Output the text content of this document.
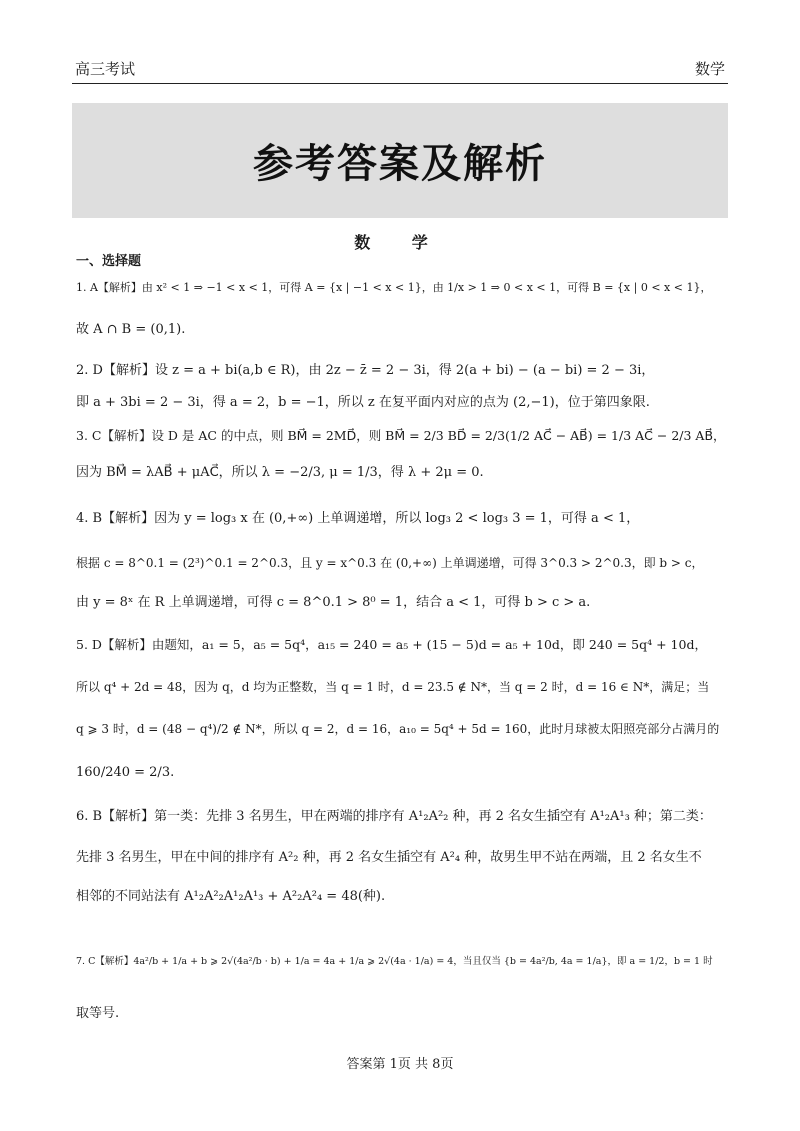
高三考试	数学
参考答案及解析
数 学
一、选择题
1. A【解析】由 x² < 1 ⇒ −1 < x < 1，可得 A = {x | −1 < x < 1}，由 1/x > 1 ⇒ 0 < x < 1，可得 B = {x | 0 < x < 1}，
故 A ∩ B = (0,1).
2. D【解析】设 z = a + bi(a,b ∈ R)，由 2z − z̄ = 2 − 3i，得 2(a + bi) − (a − bi) = 2 − 3i，
即 a + 3bi = 2 − 3i，得 a = 2，b = −1，所以 z 在复平面内对应的点为 (2,−1)，位于第四象限.
3. C【解析】设 D 是 AC 的中点，则 BM⃗ = 2MD⃗，则 BM⃗ = 2/3 BD⃗ = 2/3(1/2 AC⃗ − AB⃗) = 1/3 AC⃗ − 2/3 AB⃗，
因为 BM⃗ = λAB⃗ + μAC⃗，所以 λ = −2/3, μ = 1/3，得 λ + 2μ = 0.
4. B【解析】因为 y = log₃ x 在 (0,+∞) 上单调递增，所以 log₃ 2 < log₃ 3 = 1，可得 a < 1，
根据 c = 8^0.1 = (2³)^0.1 = 2^0.3，且 y = x^0.3 在 (0,+∞) 上单调递增，可得 3^0.3 > 2^0.3，即 b > c，
由 y = 8ˣ 在 R 上单调递增，可得 c = 8^0.1 > 8⁰ = 1，结合 a < 1，可得 b > c > a.
5. D【解析】由题知，a₁ = 5，a₅ = 5q⁴，a₁₅ = 240 = a₅ + (15 − 5)d = a₅ + 10d，即 240 = 5q⁴ + 10d，
所以 q⁴ + 2d = 48，因为 q，d 均为正整数，当 q = 1 时，d = 23.5 ∉ N*，当 q = 2 时，d = 16 ∈ N*，满足；当
q ⩾ 3 时，d = (48 − q⁴)/2 ∉ N*，所以 q = 2，d = 16，a₁₀ = 5q⁴ + 5d = 160，此时月球被太阳照亮部分占满月的
160/240 = 2/3.
6. B【解析】第一类：先排 3 名男生，甲在两端的排序有 A¹₂A²₂ 种，再 2 名女生插空有 A¹₂A¹₃ 种；第二类：
先排 3 名男生，甲在中间的排序有 A²₂ 种，再 2 名女生插空有 A²₄ 种，故男生甲不站在两端，且 2 名女生不
相邻的不同站法有 A¹₂A²₂A¹₂A¹₃ + A²₂A²₄ = 48(种).
7. C【解析】4a²/b + 1/a + b ⩾ 2√(4a²/b · b) + 1/a = 4a + 1/a ⩾ 2√(4a · 1/a) = 4，当且仅当 {b = 4a²/b, 4a = 1/a}，即 a = 1/2，b = 1 时
取等号.
答案第 1页 共 8页
